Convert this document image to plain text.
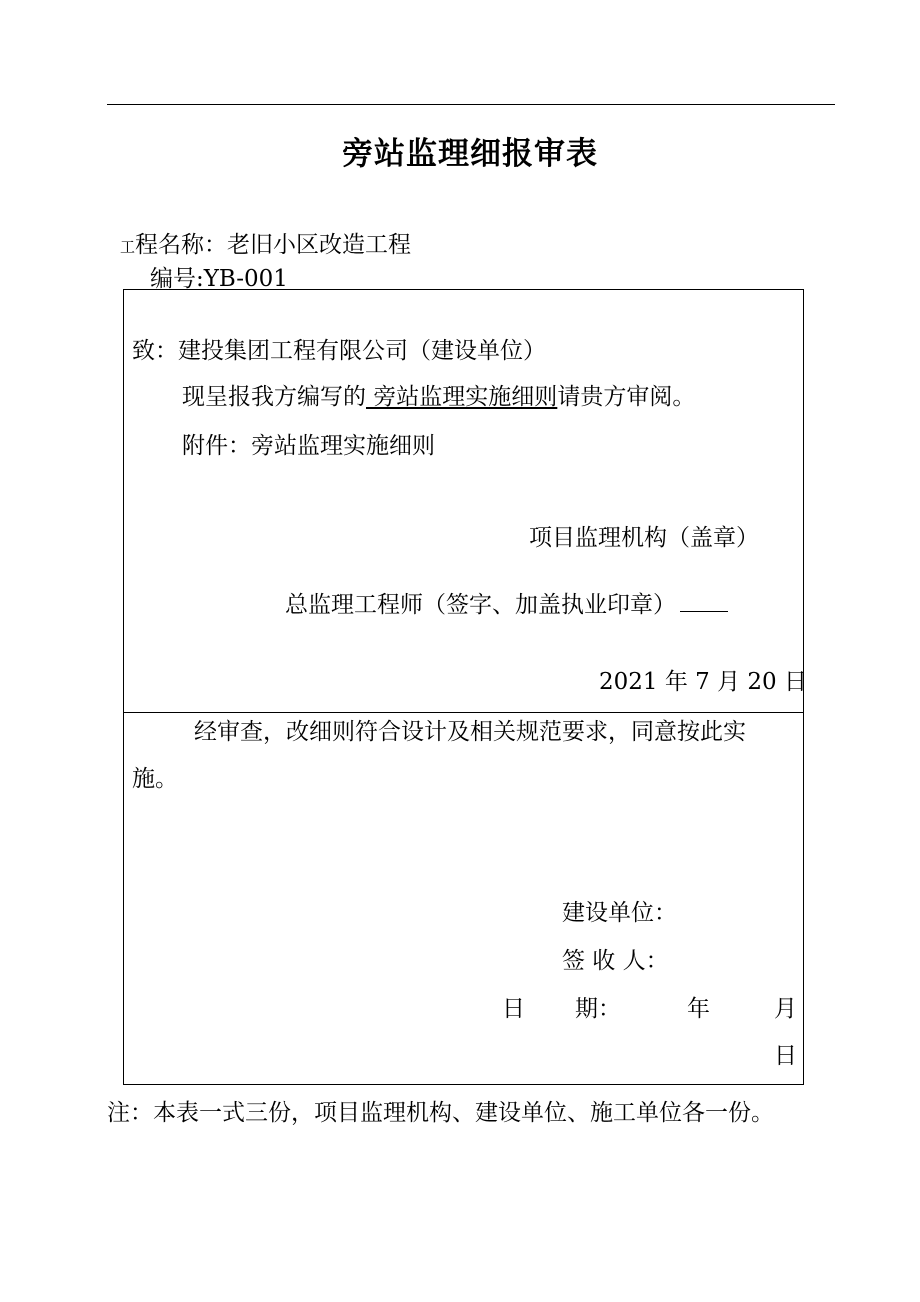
旁站监理细报审表
工程名称：老旧小区改造工程
编号:YB-001
致：建投集团工程有限公司（建设单位）
现呈报我方编写的 旁站监理实施细则请贵方审阅。
附件：旁站监理实施细则
项目监理机构（盖章）
总监理工程师（签字、加盖执业印章）
2021 年 7 月 20 日
经审查，改细则符合设计及相关规范要求，同意按此实
施。
建设单位：
签 收 人：
日 期：	年	月
日
注：本表一式三份，项目监理机构、建设单位、施工单位各一份。
